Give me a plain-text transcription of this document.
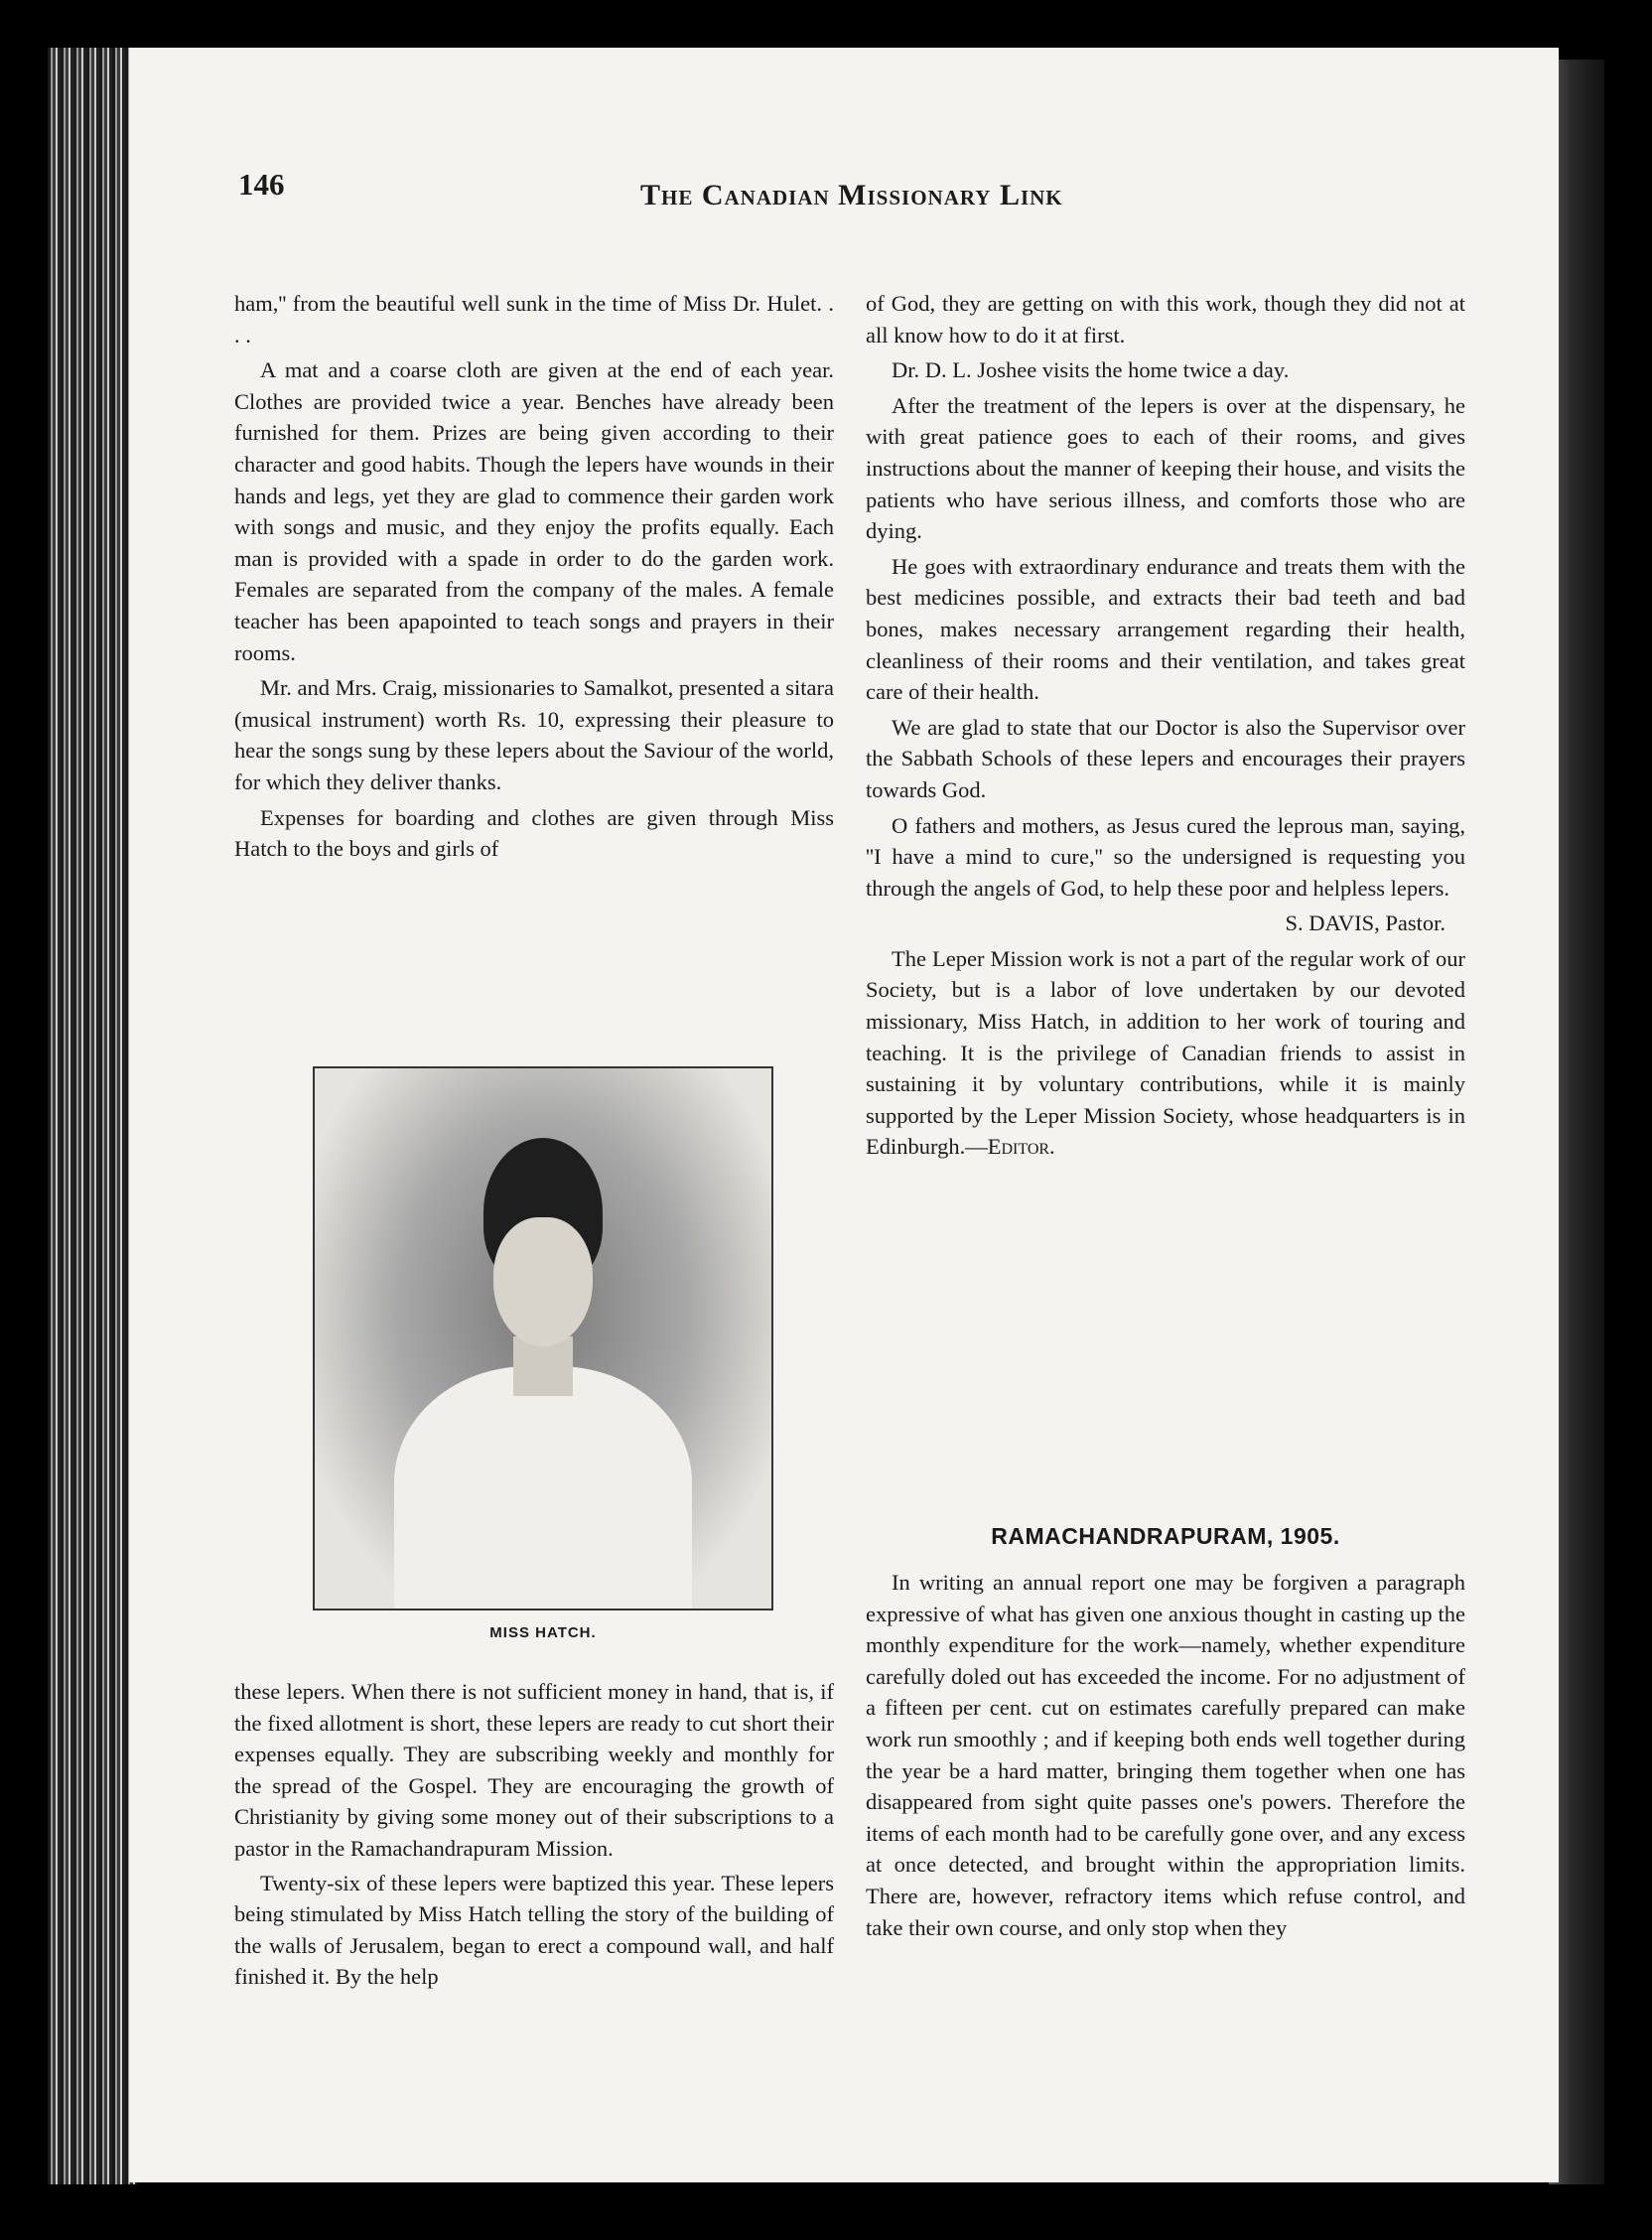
146	The Canadian Missionary Link

ham,'' from the beautiful well sunk in the time of Miss Dr. Hulet. . . .

A mat and a coarse cloth are given at the end of each year. Clothes are provided twice a year. Benches have already been furnished for them. Prizes are being given according to their character and good habits. Though the lepers have wounds in their hands and legs, yet they are glad to commence their garden work with songs and music, and they enjoy the profits equally. Each man is provided with a spade in order to do the garden work. Females are separated from the company of the males. A female teacher has been apapointed to teach songs and prayers in their rooms.

Mr. and Mrs. Craig, missionaries to Samalkot, presented a sitara (musical instrument) worth Rs. 10, expressing their pleasure to hear the songs sung by these lepers about the Saviour of the world, for which they deliver thanks.

Expenses for boarding and clothes are given through Miss Hatch to the boys and girls of

MISS HATCH.

these lepers. When there is not sufficient money in hand, that is, if the fixed allotment is short, these lepers are ready to cut short their expenses equally. They are subscribing weekly and monthly for the spread of the Gospel. They are encouraging the growth of Christianity by giving some money out of their subscriptions to a pastor in the Ramachandrapuram Mission.

Twenty-six of these lepers were baptized this year. These lepers being stimulated by Miss Hatch telling the story of the building of the walls of Jerusalem, began to erect a compound wall, and half finished it. By the help

of God, they are getting on with this work, though they did not at all know how to do it at first.

Dr. D. L. Joshee visits the home twice a day.

After the treatment of the lepers is over at the dispensary, he with great patience goes to each of their rooms, and gives instructions about the manner of keeping their house, and visits the patients who have serious illness, and comforts those who are dying.

He goes with extraordinary endurance and treats them with the best medicines possible, and extracts their bad teeth and bad bones, makes necessary arrangement regarding their health, cleanliness of their rooms and their ventilation, and takes great care of their health.

We are glad to state that our Doctor is also the Supervisor over the Sabbath Schools of these lepers and encourages their prayers towards God.

O fathers and mothers, as Jesus cured the leprous man, saying, ''I have a mind to cure,'' so the undersigned is requesting you through the angels of God, to help these poor and helpless lepers.

S. DAVIS, Pastor.

The Leper Mission work is not a part of the regular work of our Society, but is a labor of love undertaken by our devoted missionary, Miss Hatch, in addition to her work of touring and teaching. It is the privilege of Canadian friends to assist in sustaining it by voluntary contributions, while it is mainly supported by the Leper Mission Society, whose headquarters is in Edinburgh.—Editor.

RAMACHANDRAPURAM, 1905.

In writing an annual report one may be forgiven a paragraph expressive of what has given one anxious thought in casting up the monthly expenditure for the work—namely, whether expenditure carefully doled out has exceeded the income. For no adjustment of a fifteen per cent. cut on estimates carefully prepared can make work run smoothly ; and if keeping both ends well together during the year be a hard matter, bringing them together when one has disappeared from sight quite passes one's powers. Therefore the items of each month had to be carefully gone over, and any excess at once detected, and brought within the appropriation limits. There are, however, refractory items which refuse control, and take their own course, and only stop when they
